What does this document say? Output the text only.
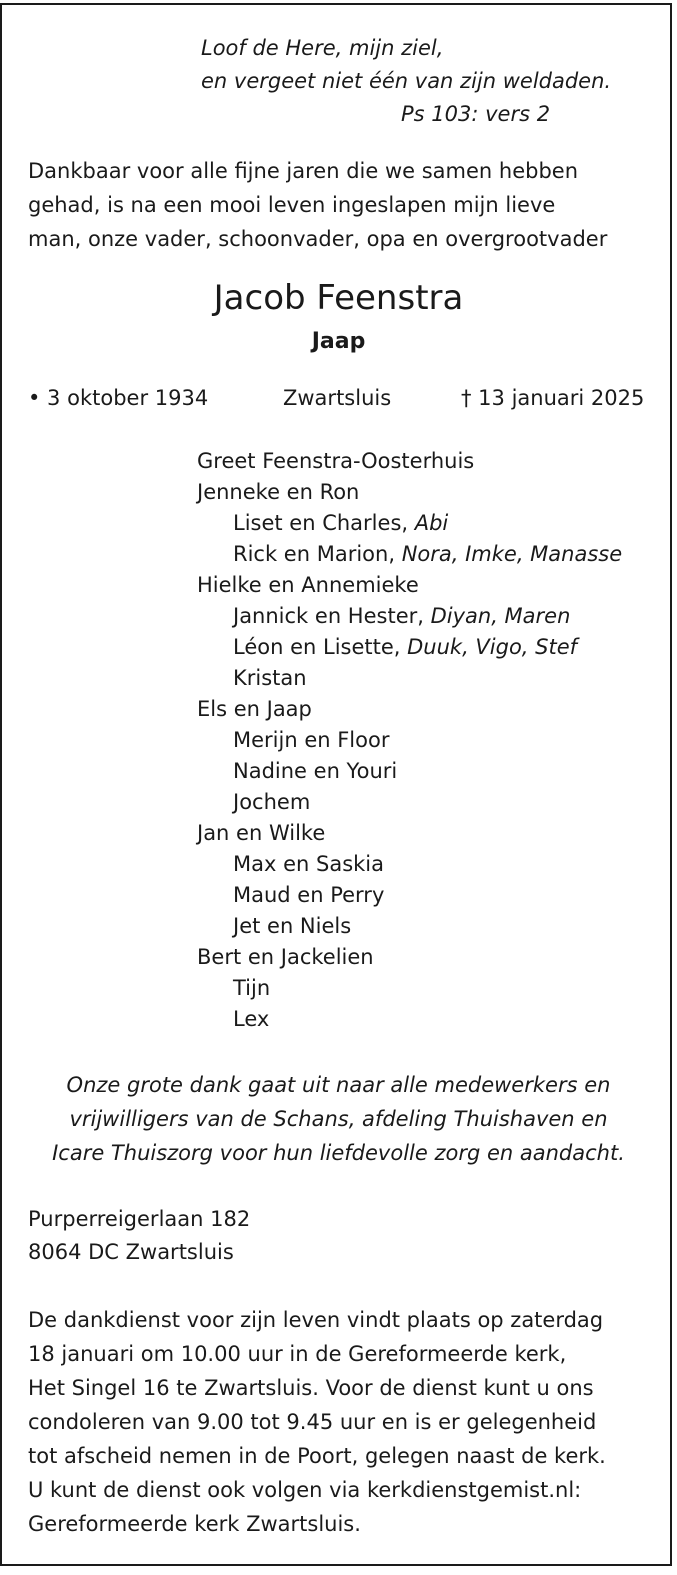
Loof de Here, mijn ziel,
en vergeet niet één van zijn weldaden.
Ps 103: vers 2
Dankbaar voor alle fijne jaren die we samen hebben
gehad, is na een mooi leven ingeslapen mijn lieve
man, onze vader, schoonvader, opa en overgrootvader
Jacob Feenstra
Jaap
• 3 oktober 1934	Zwartsluis	† 13 januari 2025
Greet Feenstra-Oosterhuis
Jenneke en Ron
Liset en Charles, Abi
Rick en Marion, Nora, Imke, Manasse
Hielke en Annemieke
Jannick en Hester, Diyan, Maren
Léon en Lisette, Duuk, Vigo, Stef
Kristan
Els en Jaap
Merijn en Floor
Nadine en Youri
Jochem
Jan en Wilke
Max en Saskia
Maud en Perry
Jet en Niels
Bert en Jackelien
Tijn
Lex
Onze grote dank gaat uit naar alle medewerkers en
vrijwilligers van de Schans, afdeling Thuishaven en
Icare Thuiszorg voor hun liefdevolle zorg en aandacht.
Purperreigerlaan 182
8064 DC Zwartsluis
De dankdienst voor zijn leven vindt plaats op zaterdag
18 januari om 10.00 uur in de Gereformeerde kerk,
Het Singel 16 te Zwartsluis. Voor de dienst kunt u ons
condoleren van 9.00 tot 9.45 uur en is er gelegenheid
tot afscheid nemen in de Poort, gelegen naast de kerk.
U kunt de dienst ook volgen via kerkdienstgemist.nl:
Gereformeerde kerk Zwartsluis.
